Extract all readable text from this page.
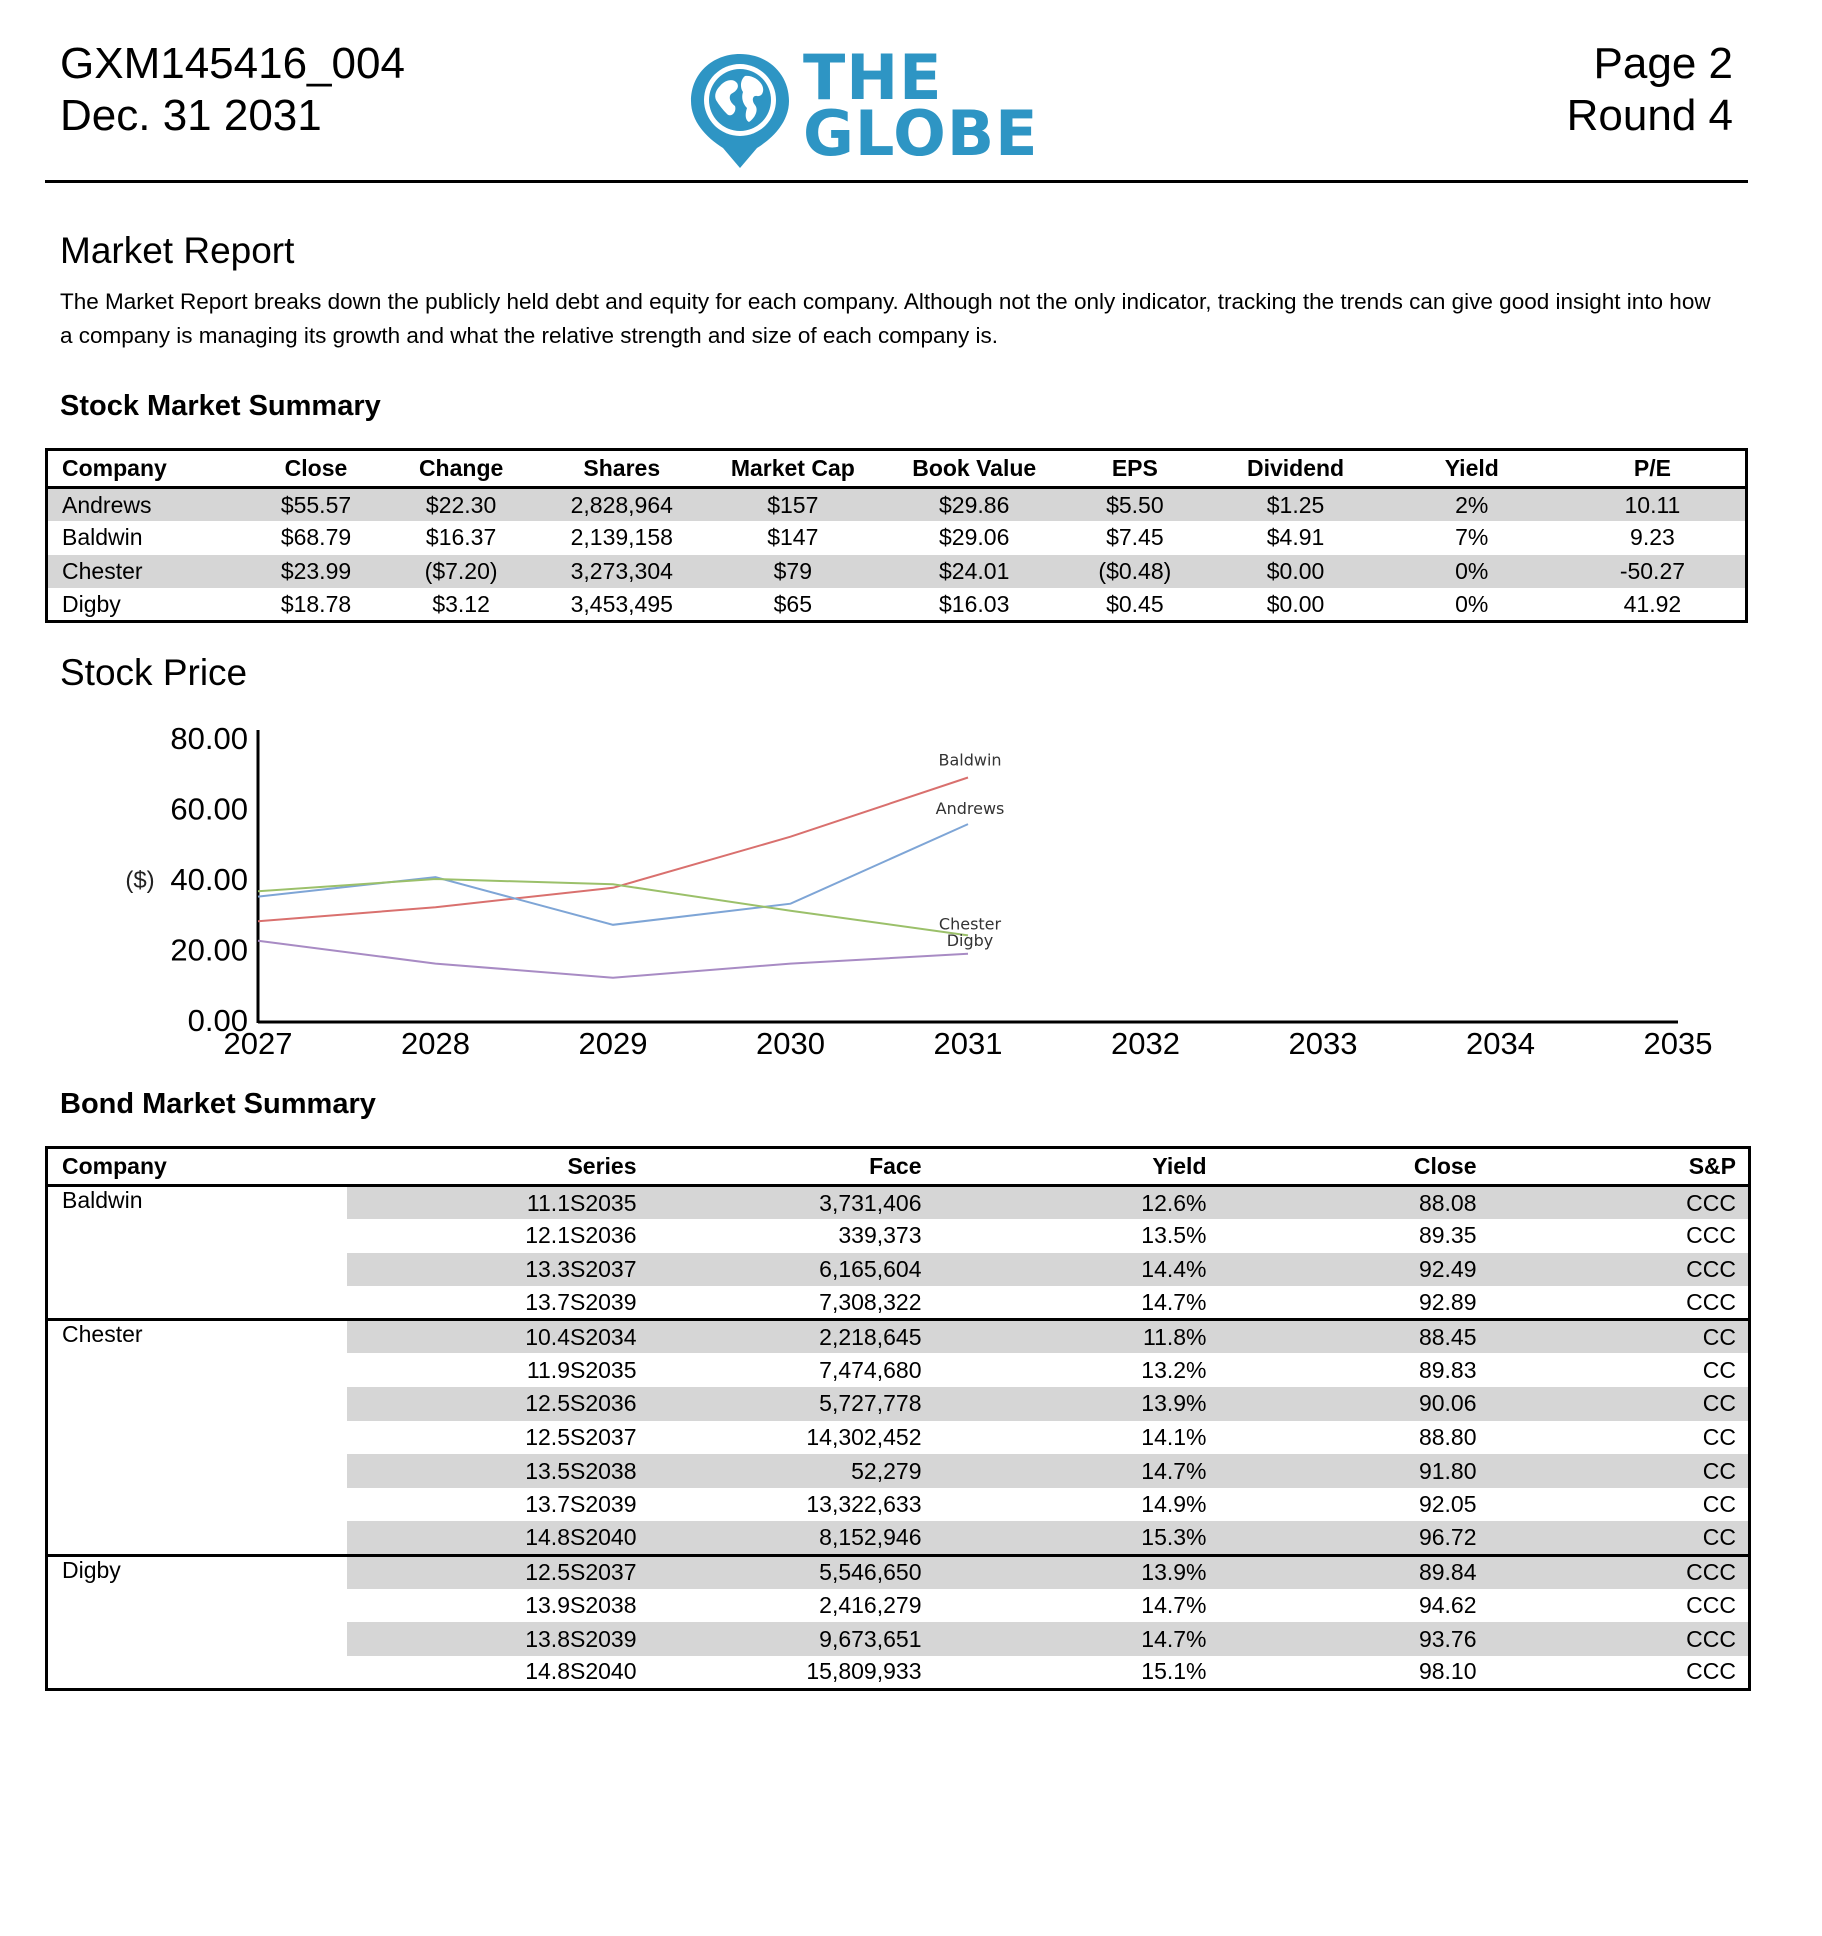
GXM145416_004
Dec. 31 2031
THE
GLOBE
Page 2
Round 4
Market Report
The Market Report breaks down the publicly held debt and equity for each company. Although not the only indicator, tracking the trends can give good insight into how a company is managing its growth and what the relative strength and size of each company is.
Stock Market Summary
Company	Close	Change	Shares	Market Cap	Book Value	EPS	Dividend	Yield	P/E
Andrews	$55.57	$22.30	2,828,964	$157	$29.86	$5.50	$1.25	2%	10.11
Baldwin	$68.79	$16.37	2,139,158	$147	$29.06	$7.45	$4.91	7%	9.23
Chester	$23.99	($7.20)	3,273,304	$79	$24.01	($0.48)	$0.00	0%	-50.27
Digby	$18.78	$3.12	3,453,495	$65	$16.03	$0.45	$0.00	0%	41.92
Stock Price
0.00
20.00
40.00
60.00
80.00
($)
2027	2028	2029	2030	2031	2032	2033	2034	2035
Baldwin
Andrews
Chester
Digby
Bond Market Summary
Company	Series	Face	Yield	Close	S&P
Baldwin	11.1S2035	3,731,406	12.6%	88.08	CCC
	12.1S2036	339,373	13.5%	89.35	CCC
	13.3S2037	6,165,604	14.4%	92.49	CCC
	13.7S2039	7,308,322	14.7%	92.89	CCC
Chester	10.4S2034	2,218,645	11.8%	88.45	CC
	11.9S2035	7,474,680	13.2%	89.83	CC
	12.5S2036	5,727,778	13.9%	90.06	CC
	12.5S2037	14,302,452	14.1%	88.80	CC
	13.5S2038	52,279	14.7%	91.80	CC
	13.7S2039	13,322,633	14.9%	92.05	CC
	14.8S2040	8,152,946	15.3%	96.72	CC
Digby	12.5S2037	5,546,650	13.9%	89.84	CCC
	13.9S2038	2,416,279	14.7%	94.62	CCC
	13.8S2039	9,673,651	14.7%	93.76	CCC
	14.8S2040	15,809,933	15.1%	98.10	CCC
